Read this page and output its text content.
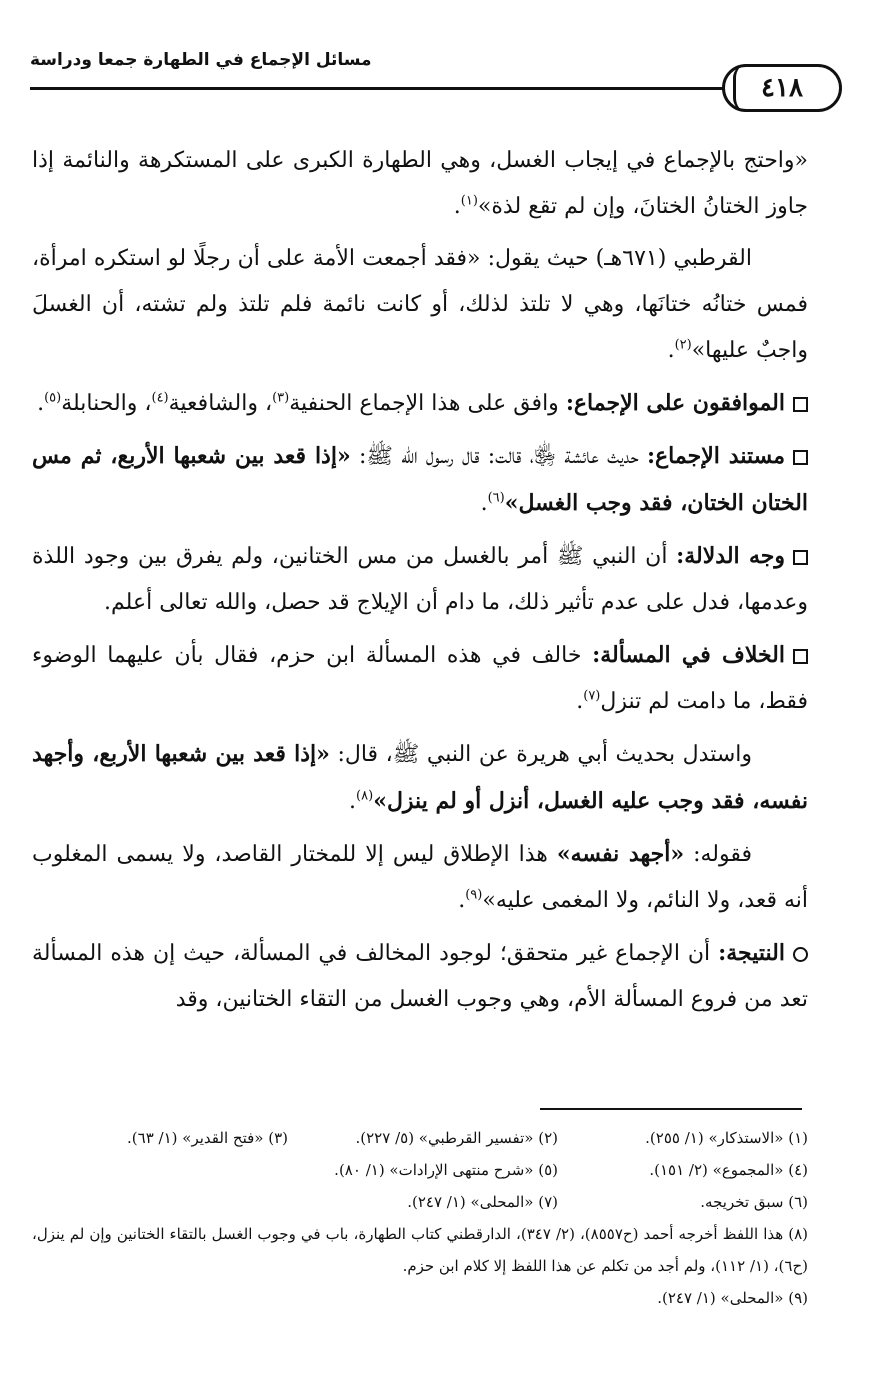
مسائل الإجماع في الطهارة جمعا ودراسة
٤١٨

«واحتج بالإجماع في إيجاب الغسل، وهي الطهارة الكبرى على المستكرهة والنائمة إذا جاوز الختانُ الختانَ، وإن لم تقع لذة»$^{(١)}$.

القرطبي (٦٧١هـ) حيث يقول: «فقد أجمعت الأمة على أن رجلًا لو استكره امرأة، فمس ختانُه ختانَها، وهي لا تلتذ لذلك، أو كانت نائمة فلم تلتذ ولم تشته، أن الغسلَ واجبٌ عليها»$^{(٢)}$.

الموافقون على الإجماع: وافق على هذا الإجماع الحنفية$^{(٣)}$، والشافعية$^{(٤)}$، والحنابلة$^{(٥)}$.

مستند الإجماع: حديث عائشة ﵂، قالت: قال رسول الله ﷺ: «إذا قعد بين شعبها الأربع، ثم مس الختان الختان، فقد وجب الغسل»$^{(٦)}$.

وجه الدلالة: أن النبي ﷺ أمر بالغسل من مس الختانين، ولم يفرق بين وجود اللذة وعدمها، فدل على عدم تأثير ذلك، ما دام أن الإيلاج قد حصل، والله تعالى أعلم.

الخلاف في المسألة: خالف في هذه المسألة ابن حزم، فقال بأن عليهما الوضوء فقط، ما دامت لم تنزل$^{(٧)}$.

واستدل بحديث أبي هريرة عن النبي ﷺ، قال: «إذا قعد بين شعبها الأربع، وأجهد نفسه، فقد وجب عليه الغسل، أنزل أو لم ينزل»$^{(٨)}$.

فقوله: «أجهد نفسه» هذا الإطلاق ليس إلا للمختار القاصد، ولا يسمى المغلوب أنه قعد، ولا النائم، ولا المغمى عليه»$^{(٩)}$.

النتيجة: أن الإجماع غير متحقق؛ لوجود المخالف في المسألة، حيث إن هذه المسألة تعد من فروع المسألة الأم، وهي وجوب الغسل من التقاء الختانين، وقد

(١) «الاستذكار» (١/ ٢٥٥).
(٢) «تفسير القرطبي» (٥/ ٢٢٧).
(٣) «فتح القدير» (١/ ٦٣).
(٤) «المجموع» (٢/ ١٥١).
(٥) «شرح منتهى الإرادات» (١/ ٨٠).
(٦) سبق تخريجه.
(٧) «المحلى» (١/ ٢٤٧).
(٨) هذا اللفظ أخرجه أحمد (ح٨٥٥٧)، (٢/ ٣٤٧)، الدارقطني كتاب الطهارة، باب في وجوب الغسل بالتقاء الختانين وإن لم ينزل، (ح٦)، (١/ ١١٢)، ولم أجد من تكلم عن هذا اللفظ إلا كلام ابن حزم.
(٩) «المحلى» (١/ ٢٤٧).
